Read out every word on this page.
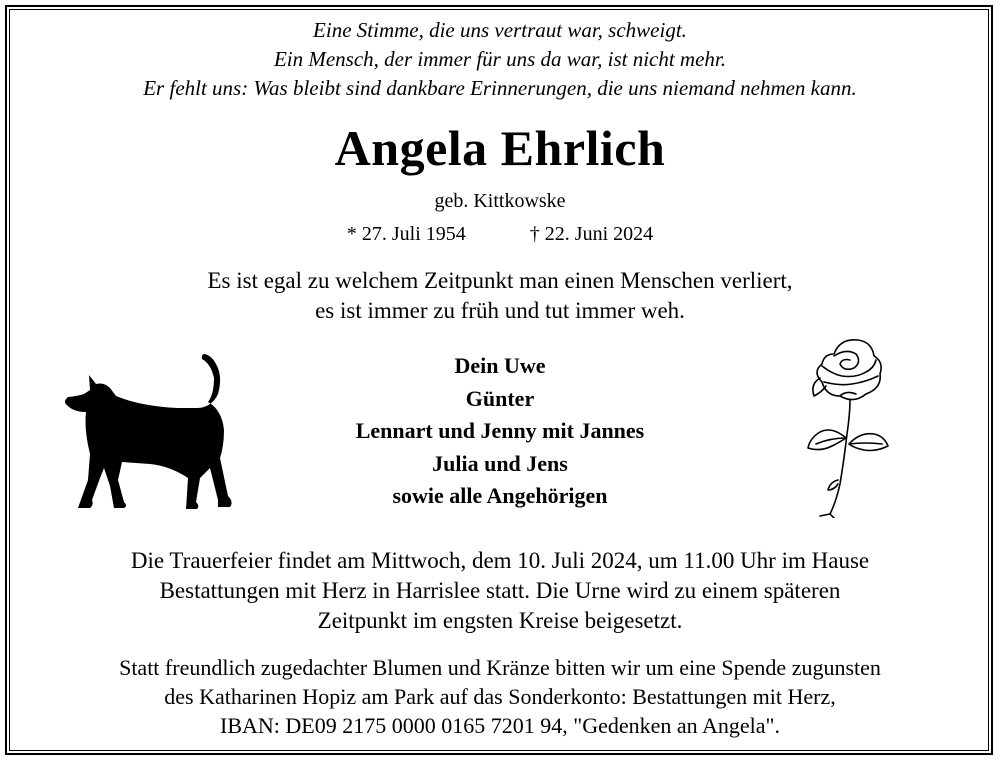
Eine Stimme, die uns vertraut war, schweigt.
Ein Mensch, der immer für uns da war, ist nicht mehr.
Er fehlt uns: Was bleibt sind dankbare Erinnerungen, die uns niemand nehmen kann.
Angela Ehrlich
geb. Kittkowske
* 27. Juli 1954	† 22. Juni 2024
Es ist egal zu welchem Zeitpunkt man einen Menschen verliert,
es ist immer zu früh und tut immer weh.
Dein Uwe
Günter
Lennart und Jenny mit Jannes
Julia und Jens
sowie alle Angehörigen
Die Trauerfeier findet am Mittwoch, dem 10. Juli 2024, um 11.00 Uhr im Hause
Bestattungen mit Herz in Harrislee statt. Die Urne wird zu einem späteren
Zeitpunkt im engsten Kreise beigesetzt.
Statt freundlich zugedachter Blumen und Kränze bitten wir um eine Spende zugunsten
des Katharinen Hopiz am Park auf das Sonderkonto: Bestattungen mit Herz,
IBAN: DE09 2175 0000 0165 7201 94, "Gedenken an Angela".
